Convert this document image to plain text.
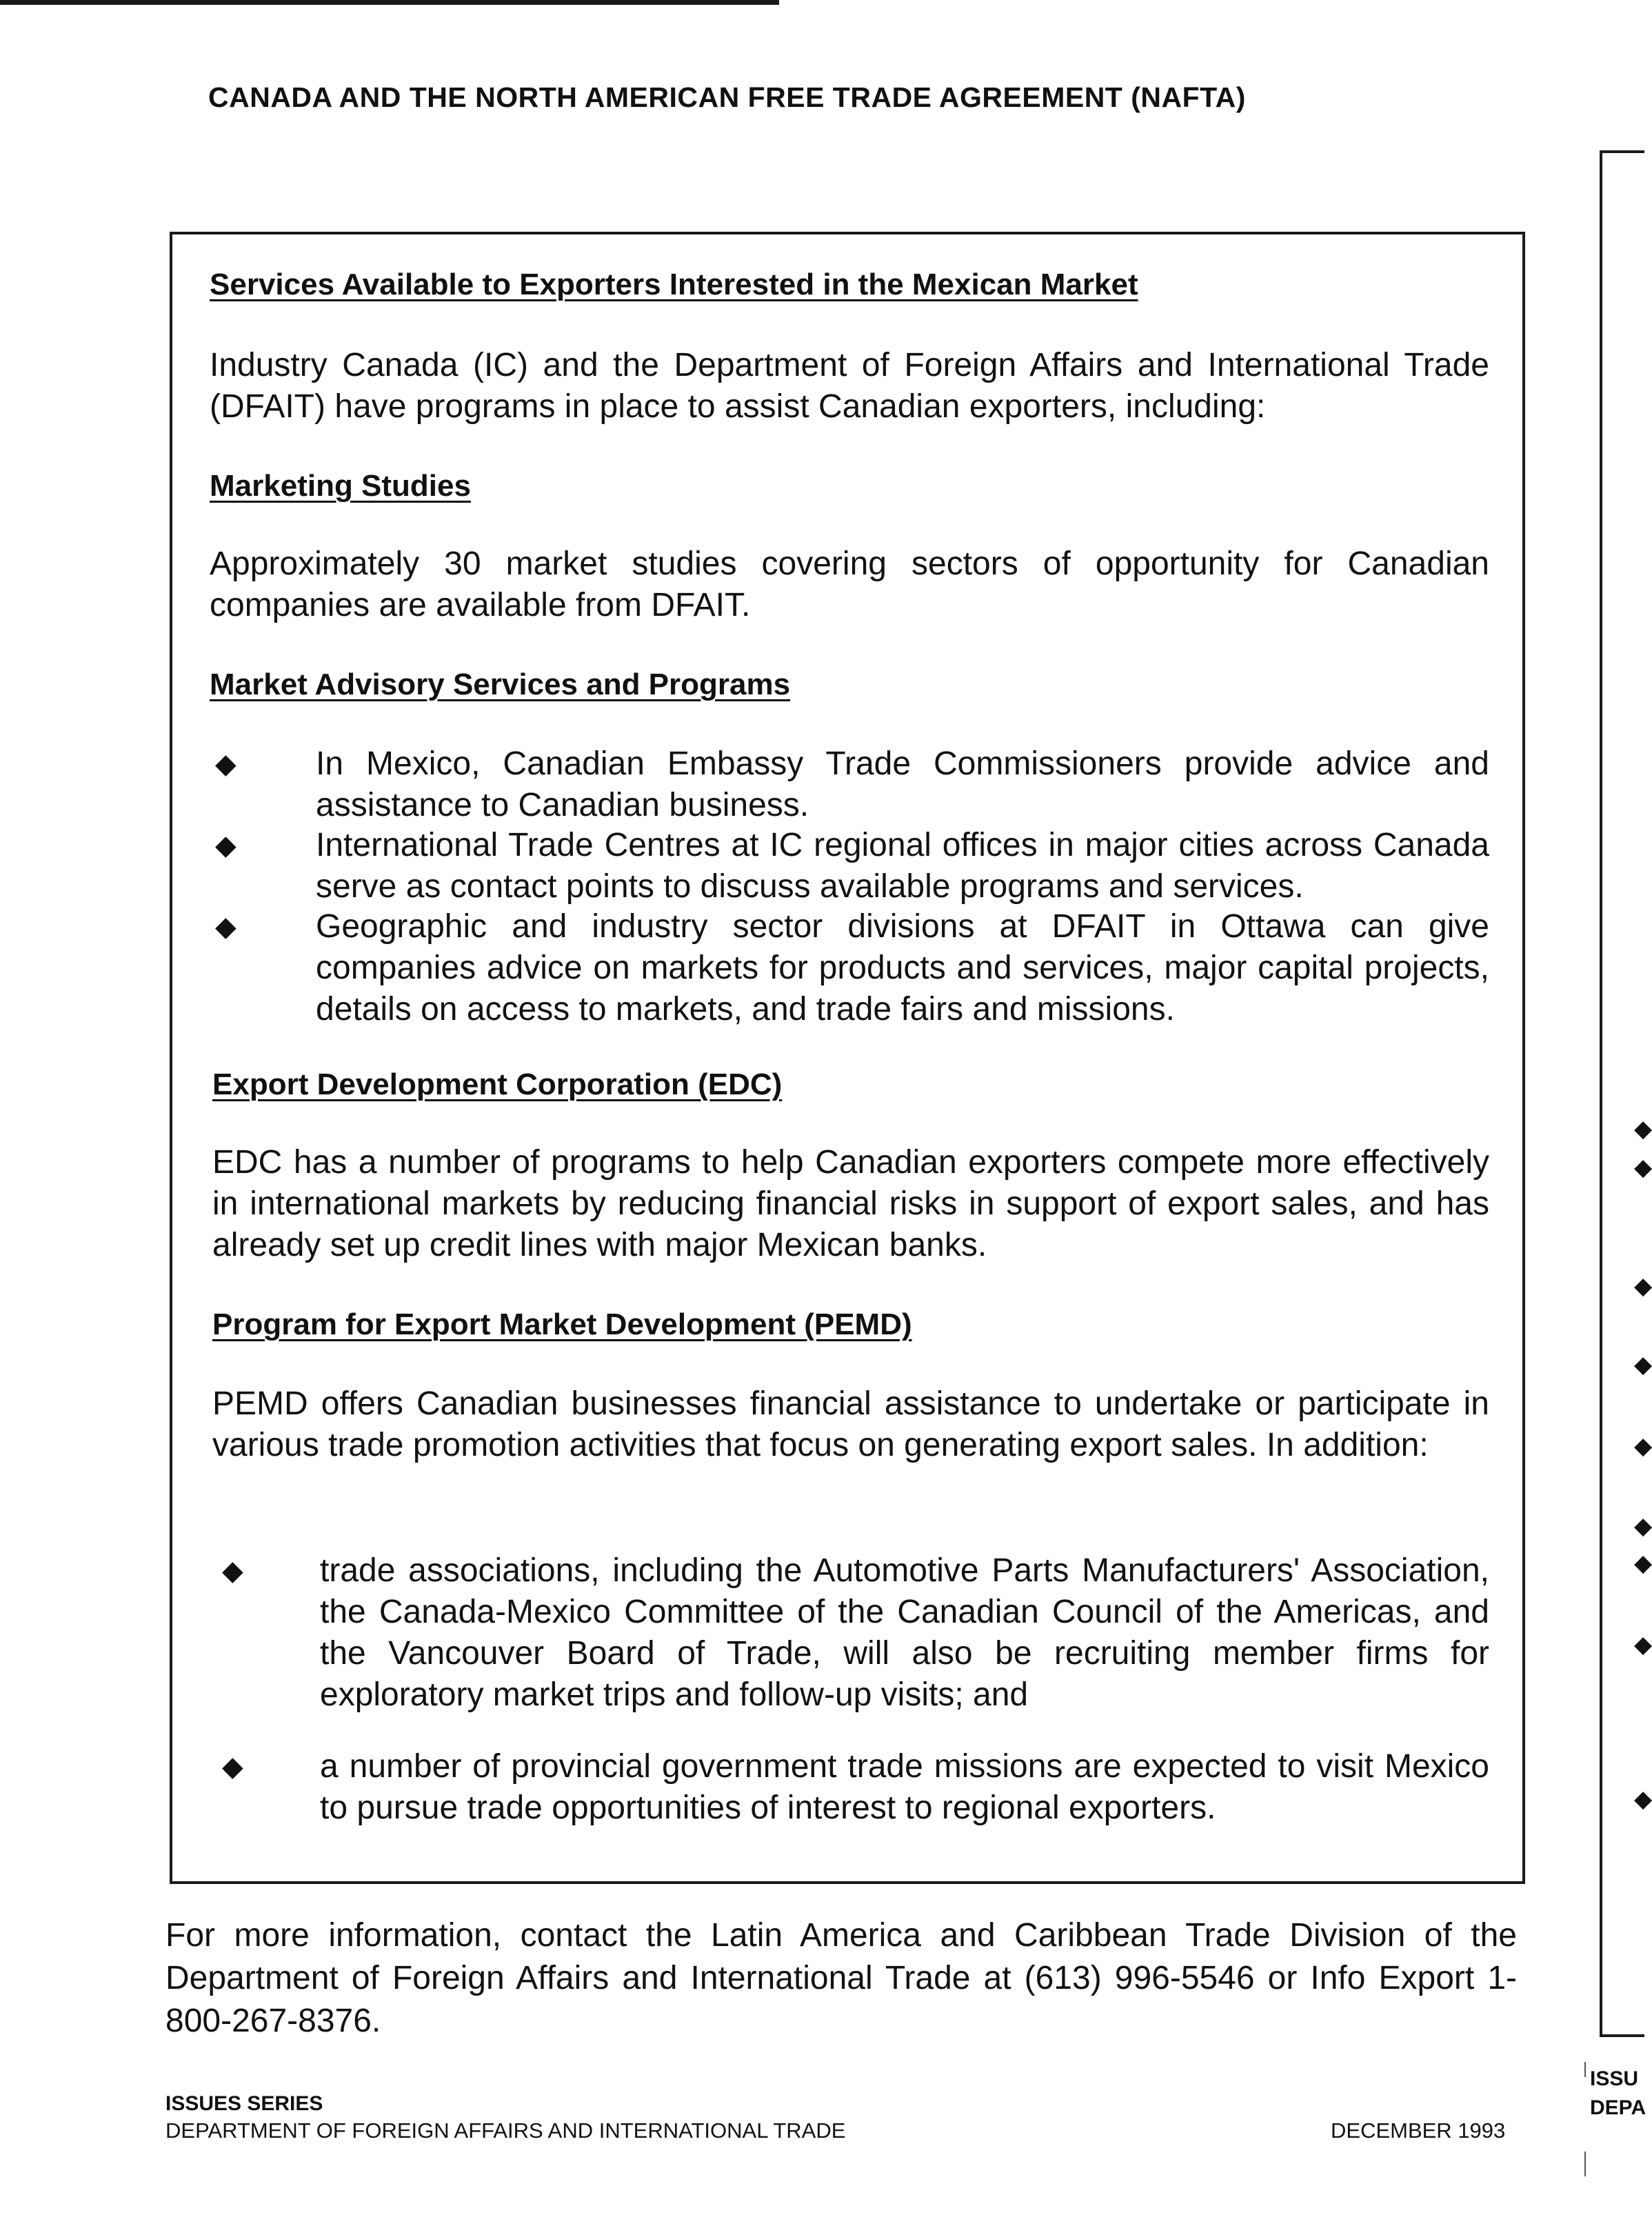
CANADA AND THE NORTH AMERICAN FREE TRADE AGREEMENT (NAFTA)
Services Available to Exporters Interested in the Mexican Market
Industry Canada (IC) and the Department of Foreign Affairs and International Trade (DFAIT) have programs in place to assist Canadian exporters, including:
Marketing Studies
Approximately 30 market studies covering sectors of opportunity for Canadian companies are available from DFAIT.
Market Advisory Services and Programs
◆ In Mexico, Canadian Embassy Trade Commissioners provide advice and assistance to Canadian business.
◆ International Trade Centres at IC regional offices in major cities across Canada serve as contact points to discuss available programs and services.
◆ Geographic and industry sector divisions at DFAIT in Ottawa can give companies advice on markets for products and services, major capital projects, details on access to markets, and trade fairs and missions.
Export Development Corporation (EDC)
EDC has a number of programs to help Canadian exporters compete more effectively in international markets by reducing financial risks in support of export sales, and has already set up credit lines with major Mexican banks.
Program for Export Market Development (PEMD)
PEMD offers Canadian businesses financial assistance to undertake or participate in various trade promotion activities that focus on generating export sales. In addition:
◆ trade associations, including the Automotive Parts Manufacturers' Association, the Canada-Mexico Committee of the Canadian Council of the Americas, and the Vancouver Board of Trade, will also be recruiting member firms for exploratory market trips and follow-up visits; and
◆ a number of provincial government trade missions are expected to visit Mexico to pursue trade opportunities of interest to regional exporters.
For more information, contact the Latin America and Caribbean Trade Division of the Department of Foreign Affairs and International Trade at (613) 996-5546 or Info Export 1-800-267-8376.
ISSUES SERIES
DEPARTMENT OF FOREIGN AFFAIRS AND INTERNATIONAL TRADE	DECEMBER 1993
◆
◆
◆
◆
◆
◆
◆
◆
◆
ISSU
DEPA
